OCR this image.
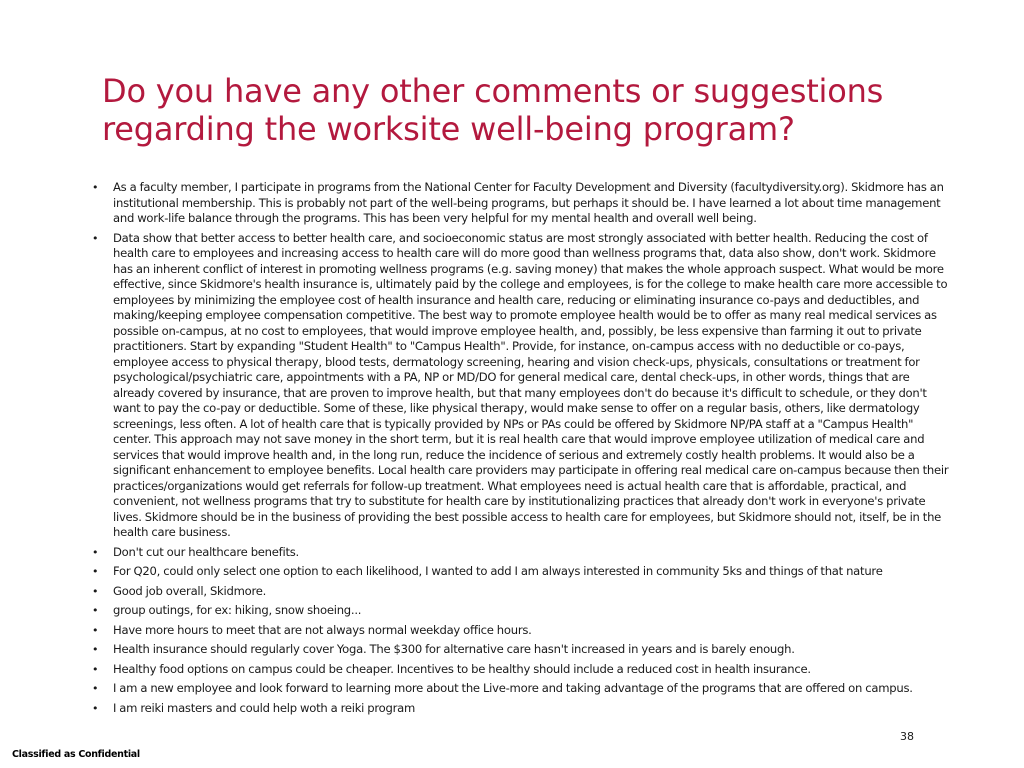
Do you have any other comments or suggestions regarding the worksite well-being program?
• As a faculty member, I participate in programs from the National Center for Faculty Development and Diversity (facultydiversity.org). Skidmore has an institutional membership. This is probably not part of the well-being programs, but perhaps it should be. I have learned a lot about time management and work-life balance through the programs. This has been very helpful for my mental health and overall well being.
• Data show that better access to better health care, and socioeconomic status are most strongly associated with better health. Reducing the cost of health care to employees and increasing access to health care will do more good than wellness programs that, data also show, don't work. Skidmore has an inherent conflict of interest in promoting wellness programs (e.g. saving money) that makes the whole approach suspect. What would be more effective, since Skidmore's health insurance is, ultimately paid by the college and employees, is for the college to make health care more accessible to employees by minimizing the employee cost of health insurance and health care, reducing or eliminating insurance co-pays and deductibles, and making/keeping employee compensation competitive. The best way to promote employee health would be to offer as many real medical services as possible on-campus, at no cost to employees, that would improve employee health, and, possibly, be less expensive than farming it out to private practitioners. Start by expanding "Student Health" to "Campus Health". Provide, for instance, on-campus access with no deductible or co-pays, employee access to physical therapy, blood tests, dermatology screening, hearing and vision check-ups, physicals, consultations or treatment for psychological/psychiatric care, appointments with a PA, NP or MD/DO for general medical care, dental check-ups, in other words, things that are already covered by insurance, that are proven to improve health, but that many employees don't do because it's difficult to schedule, or they don't want to pay the co-pay or deductible. Some of these, like physical therapy, would make sense to offer on a regular basis, others, like dermatology screenings, less often. A lot of health care that is typically provided by NPs or PAs could be offered by Skidmore NP/PA staff at a "Campus Health" center. This approach may not save money in the short term, but it is real health care that would improve employee utilization of medical care and services that would improve health and, in the long run, reduce the incidence of serious and extremely costly health problems. It would also be a significant enhancement to employee benefits. Local health care providers may participate in offering real medical care on-campus because then their practices/organizations would get referrals for follow-up treatment. What employees need is actual health care that is affordable, practical, and convenient, not wellness programs that try to substitute for health care by institutionalizing practices that already don't work in everyone's private lives. Skidmore should be in the business of providing the best possible access to health care for employees, but Skidmore should not, itself, be in the health care business.
• Don't cut our healthcare benefits.
• For Q20, could only select one option to each likelihood, I wanted to add I am always interested in community 5ks and things of that nature
• Good job overall, Skidmore.
• group outings, for ex: hiking, snow shoeing...
• Have more hours to meet that are not always normal weekday office hours.
• Health insurance should regularly cover Yoga. The $300 for alternative care hasn't increased in years and is barely enough.
• Healthy food options on campus could be cheaper. Incentives to be healthy should include a reduced cost in health insurance.
• I am a new employee and look forward to learning more about the Live-more and taking advantage of the programs that are offered on campus.
• I am reiki masters and could help woth a reiki program
38
Classified as Confidential
